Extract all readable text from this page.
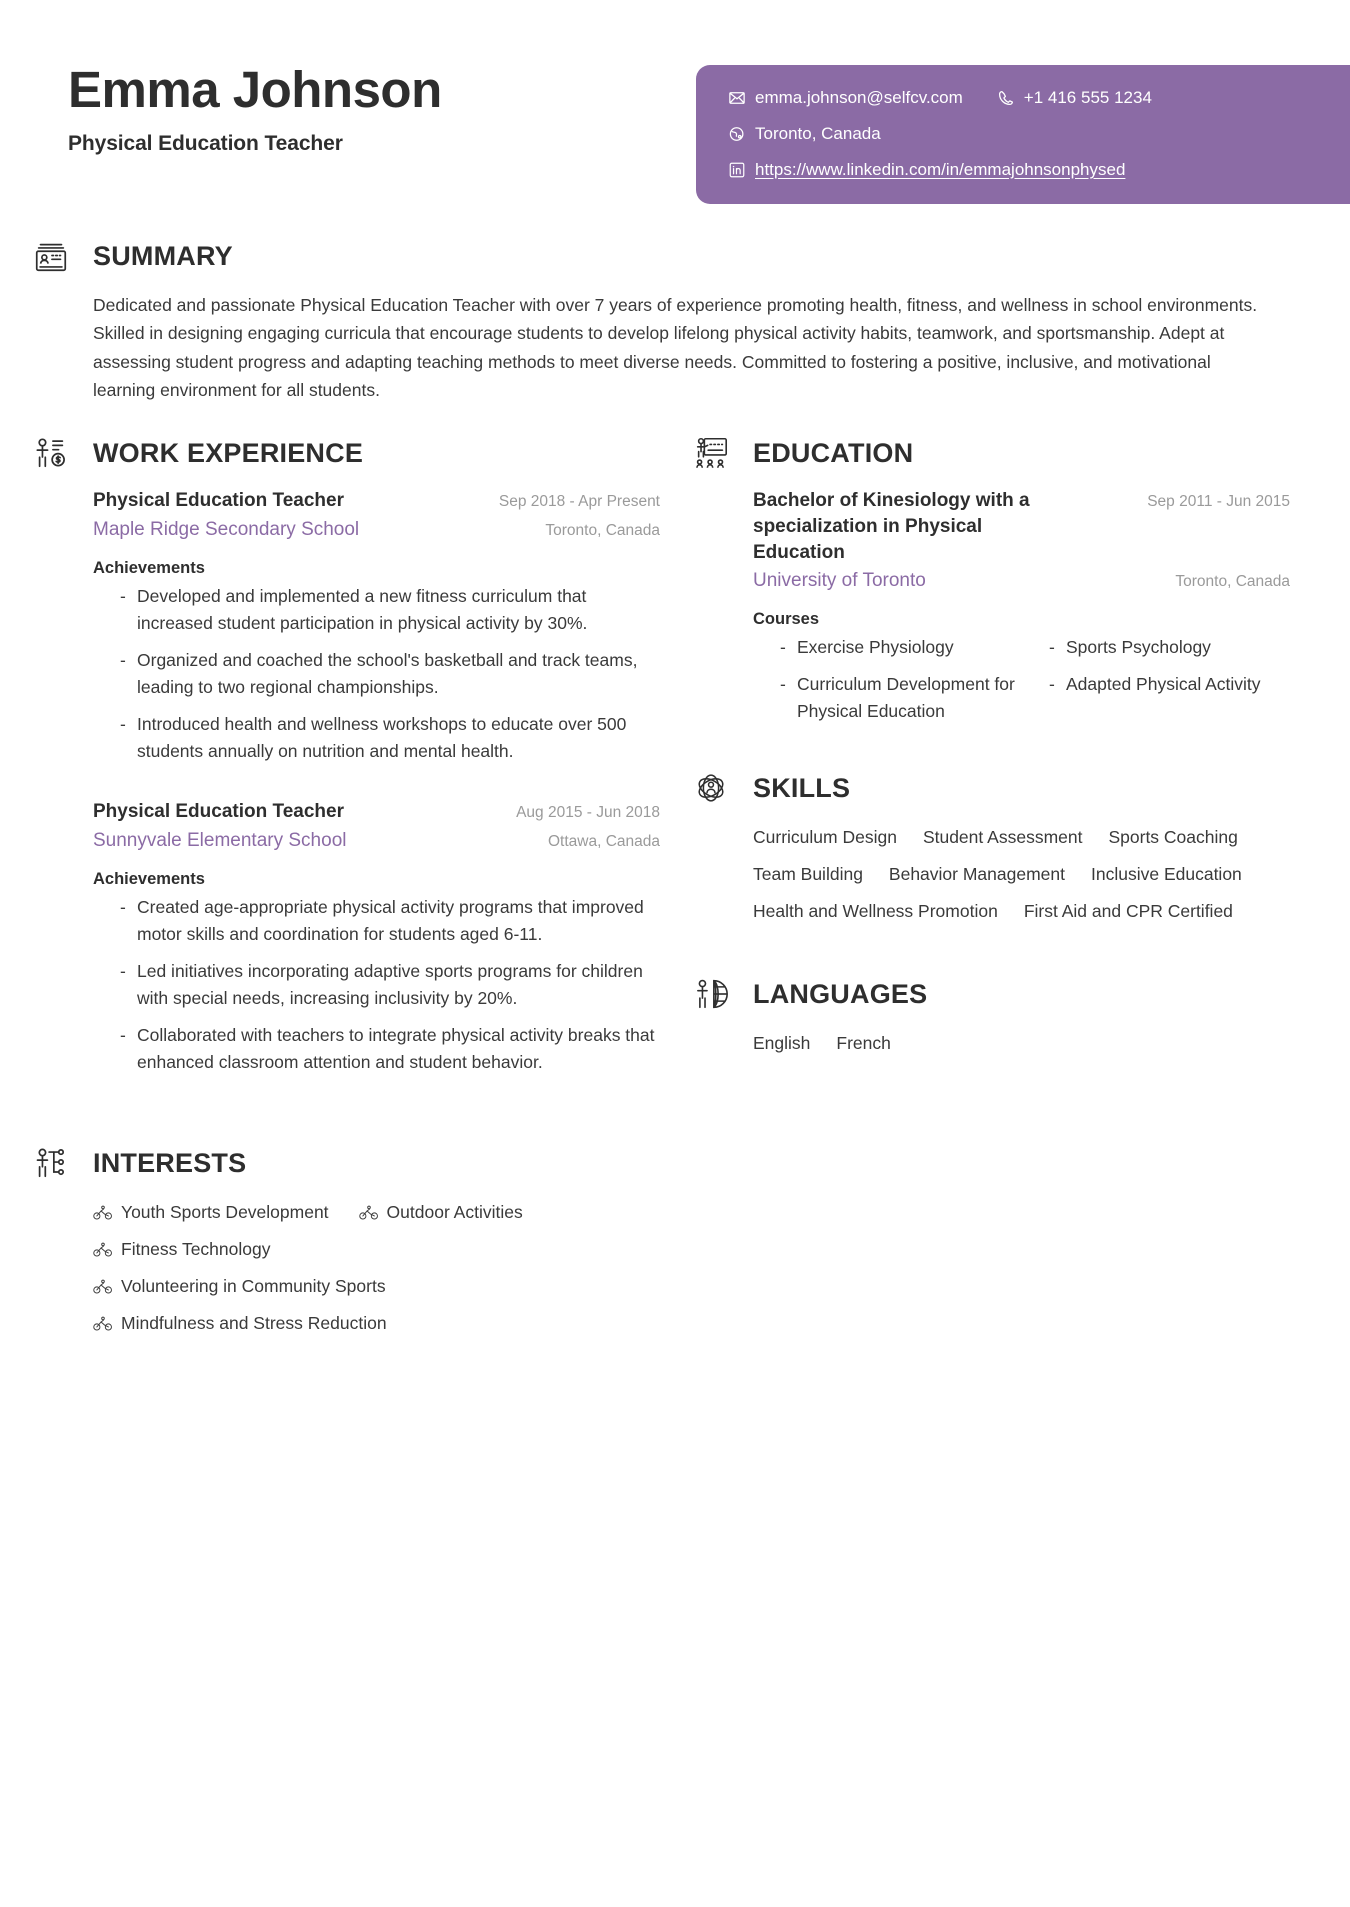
Emma Johnson
Physical Education Teacher
emma.johnson@selfcv.com	+1 416 555 1234
Toronto, Canada
https://www.linkedin.com/in/emmajohnsonphysed
SUMMARY

Dedicated and passionate Physical Education Teacher with over 7 years of experience promoting health, fitness, and wellness in school environments. Skilled in designing engaging curricula that encourage students to develop lifelong physical activity habits, teamwork, and sportsmanship. Adept at assessing student progress and adapting teaching methods to meet diverse needs. Committed to fostering a positive, inclusive, and motivational learning environment for all students.

WORK EXPERIENCE
Physical Education Teacher	Sep 2018 - Apr Present
Maple Ridge Secondary School	Toronto, Canada
Achievements
- Developed and implemented a new fitness curriculum that increased student participation in physical activity by 30%.
- Organized and coached the school's basketball and track teams, leading to two regional championships.
- Introduced health and wellness workshops to educate over 500 students annually on nutrition and mental health.
Physical Education Teacher	Aug 2015 - Jun 2018
Sunnyvale Elementary School	Ottawa, Canada
Achievements
- Created age-appropriate physical activity programs that improved motor skills and coordination for students aged 6-11.
- Led initiatives incorporating adaptive sports programs for children with special needs, increasing inclusivity by 20%.
- Collaborated with teachers to integrate physical activity breaks that enhanced classroom attention and student behavior.
INTERESTS
Youth Sports Development	Outdoor Activities
Fitness Technology
Volunteering in Community Sports
Mindfulness and Stress Reduction
EDUCATION
Bachelor of Kinesiology with a specialization in Physical Education
Sep 2011 - Jun 2015
University of Toronto	Toronto, Canada
Courses
- Exercise Physiology	- Sports Psychology
- Curriculum Development for Physical Education
- Adapted Physical Activity
SKILLS
Curriculum Design Student Assessment Sports Coaching
Team Building Behavior Management Inclusive Education
Health and Wellness Promotion First Aid and CPR Certified
LANGUAGES
English French
